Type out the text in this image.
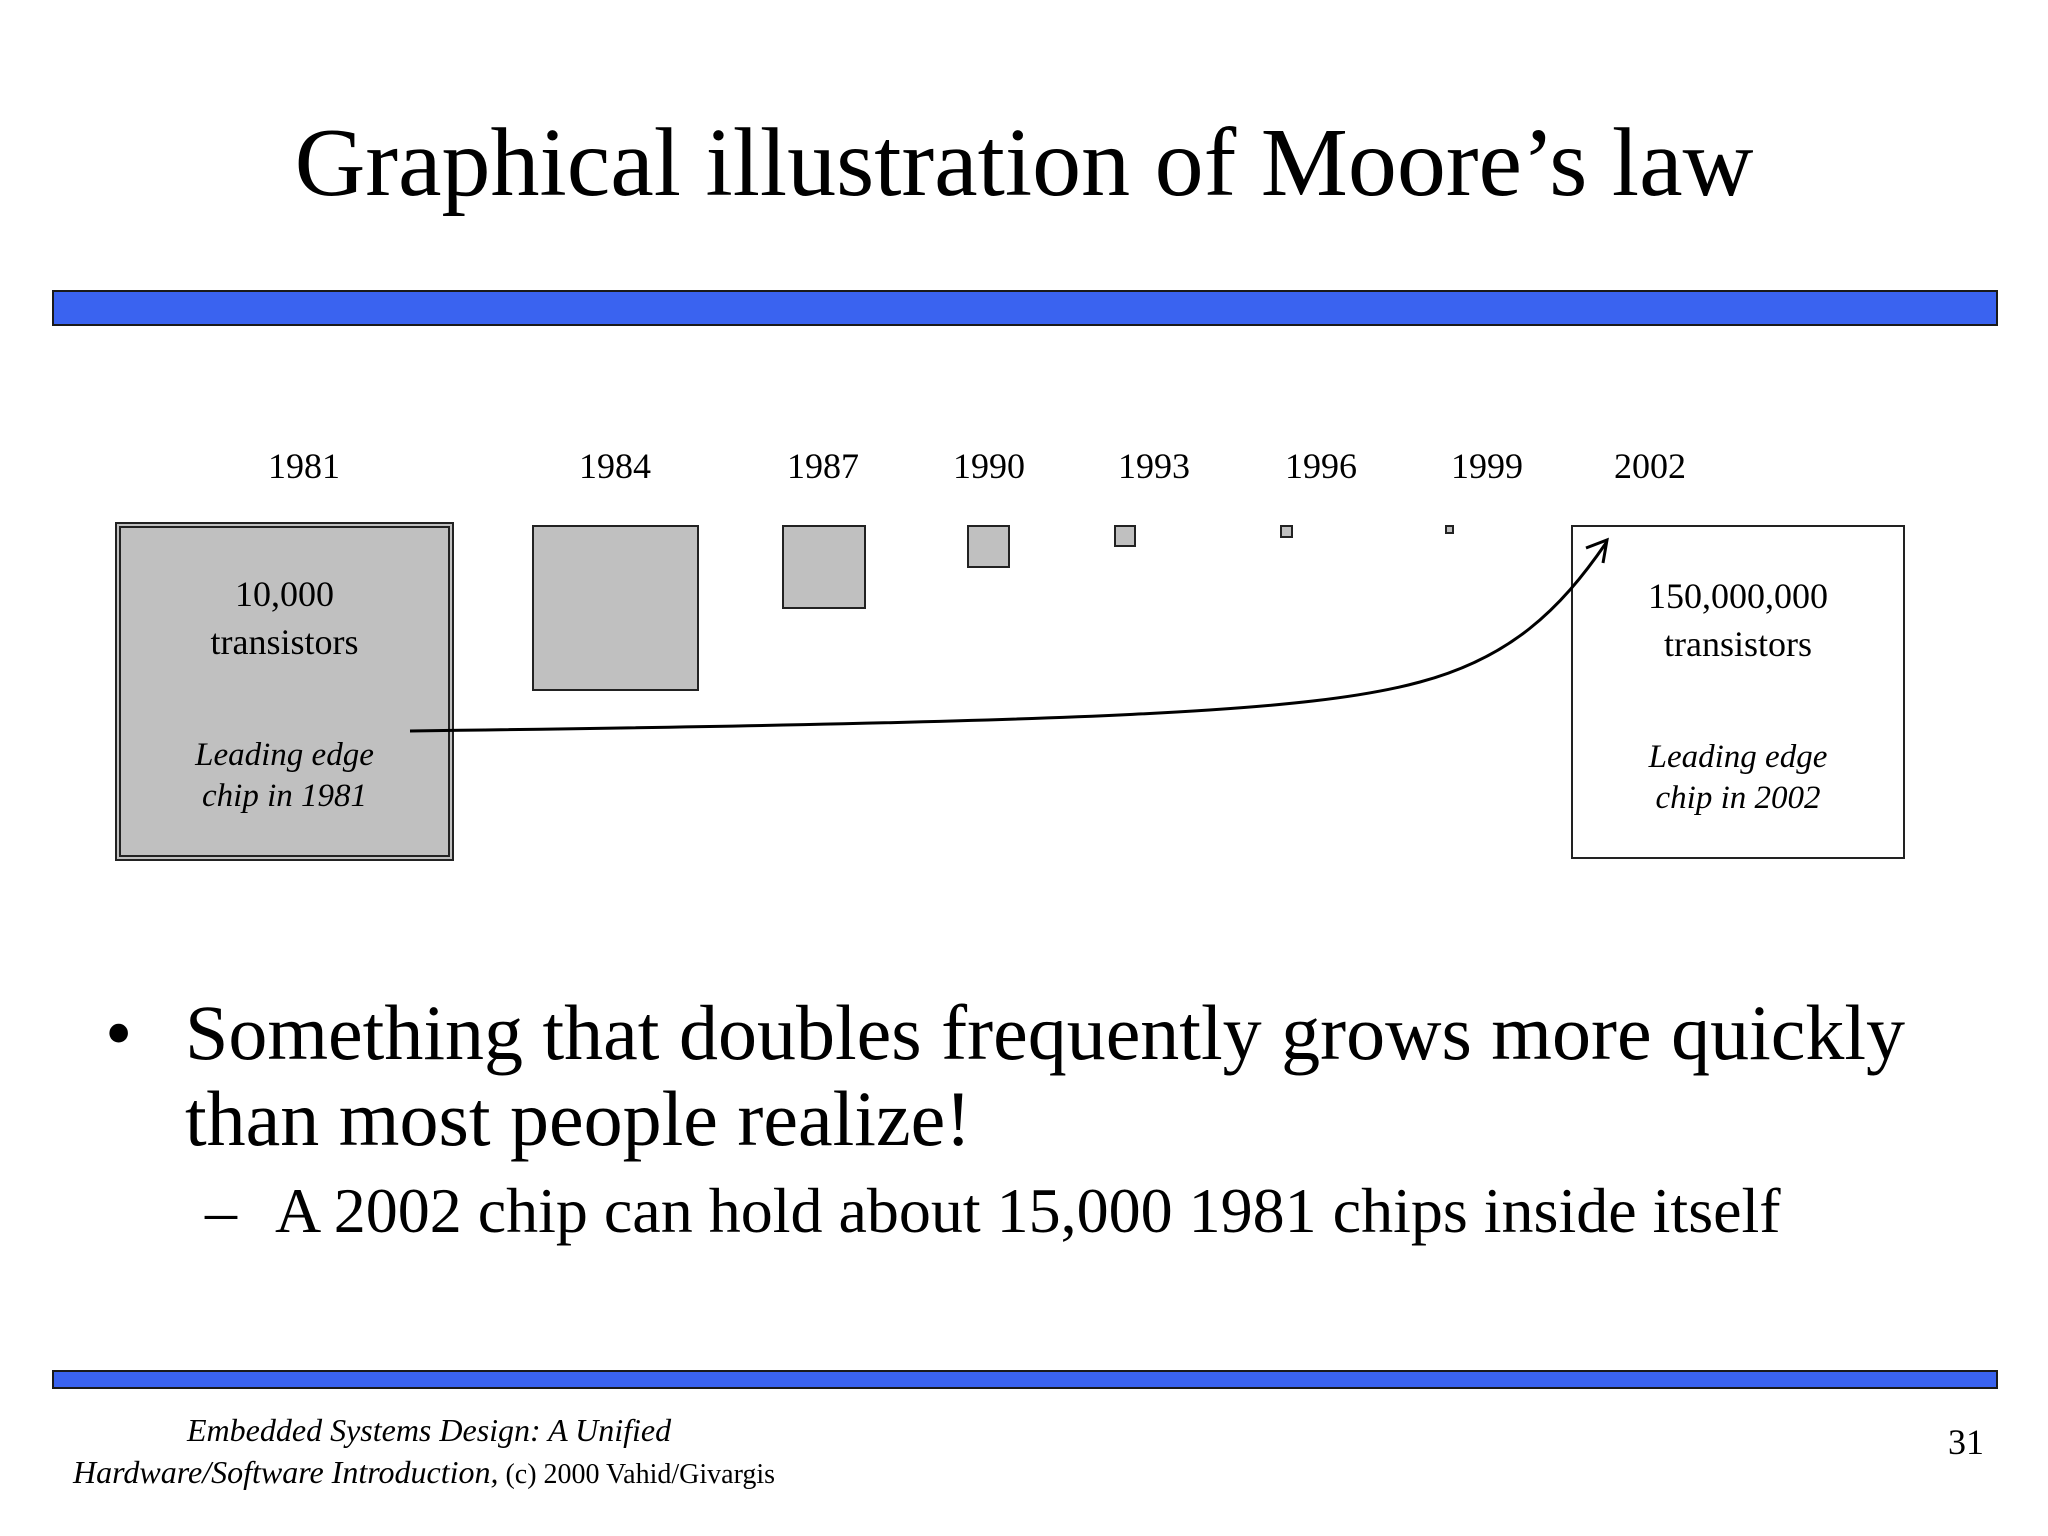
Graphical illustration of Moore’s law
1981	1984	1987	1990	1993	1996	1999	2002
10,000
transistors
Leading edge
chip in 1981
150,000,000
transistors
Leading edge
chip in 2002
• Something that doubles frequently grows more quickly than most people realize!
– A 2002 chip can hold about 15,000 1981 chips inside itself
Embedded Systems Design: A Unified
Hardware/Software Introduction, (c) 2000 Vahid/Givargis
31
